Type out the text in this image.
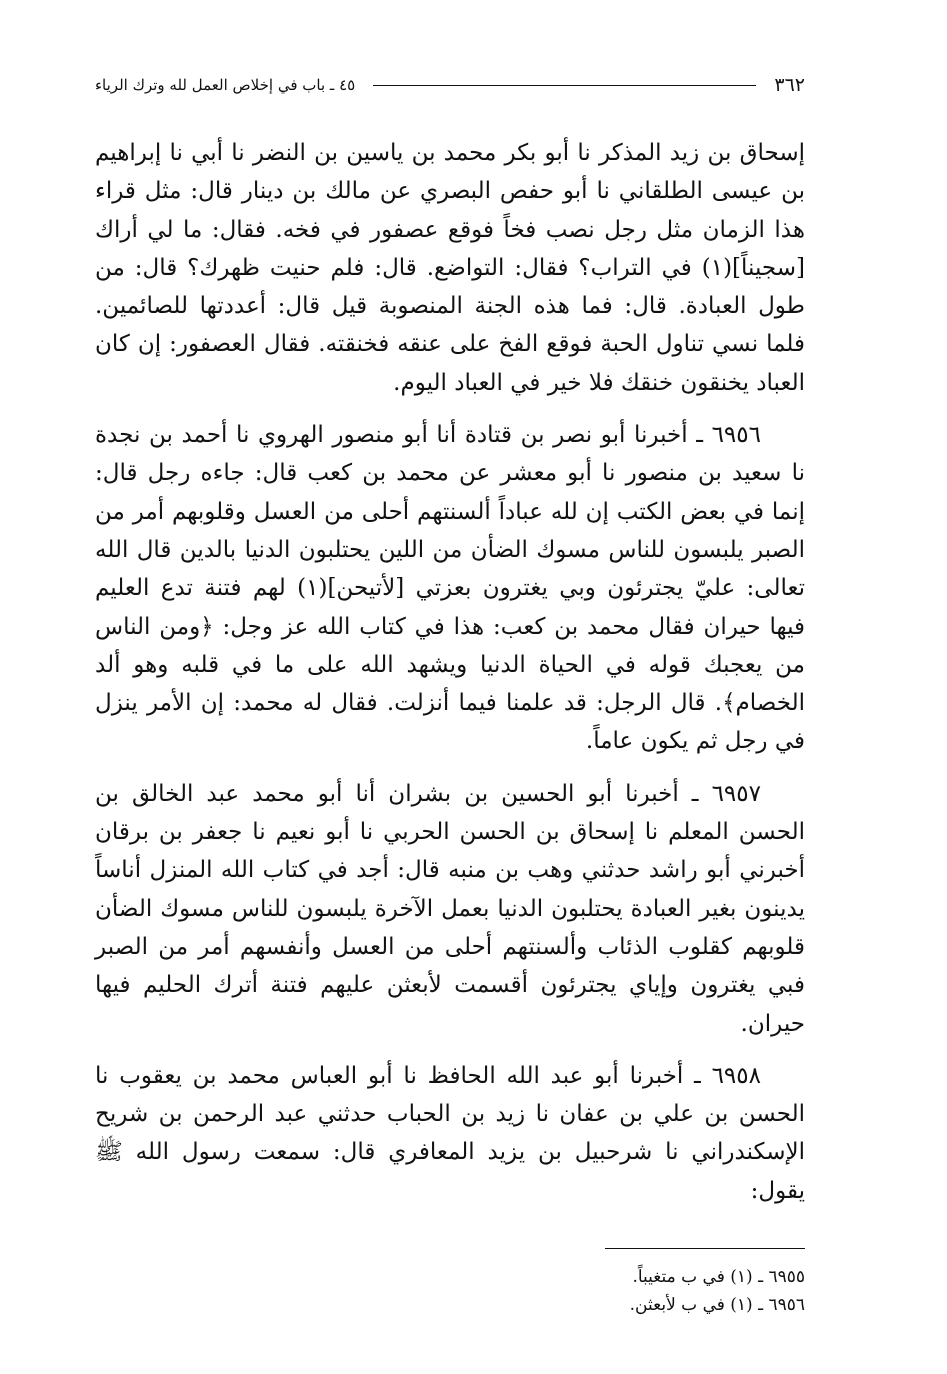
٣٦٢
٤٥ ـ باب في إخلاص العمل لله وترك الرياء

إسحاق بن زيد المذكر نا أبو بكر محمد بن ياسين بن النضر نا أبي نا إبراهيم بن عيسى الطلقاني نا أبو حفص البصري عن مالك بن دينار قال: مثل قراء هذا الزمان مثل رجل نصب فخاً فوقع عصفور في فخه. فقال: ما لي أراك [سجيناً](١) في التراب؟ فقال: التواضع. قال: فلم حنيت ظهرك؟ قال: من طول العبادة. قال: فما هذه الجنة المنصوبة قيل قال: أعددتها للصائمين. فلما نسي تناول الحبة فوقع الفخ على عنقه فخنقته. فقال العصفور: إن كان العباد يخنقون خنقك فلا خير في العباد اليوم.

٦٩٥٦ ـ أخبرنا أبو نصر بن قتادة أنا أبو منصور الهروي نا أحمد بن نجدة نا سعيد بن منصور نا أبو معشر عن محمد بن كعب قال: جاءه رجل قال: إنما في بعض الكتب إن لله عباداً ألسنتهم أحلى من العسل وقلوبهم أمر من الصبر يلبسون للناس مسوك الضأن من اللين يحتلبون الدنيا بالدين قال الله تعالى: عليّ يجترئون وبي يغترون بعزتي [لأتيحن](١) لهم فتنة تدع العليم فيها حيران فقال محمد بن كعب: هذا في كتاب الله عز وجل: ﴿ومن الناس من يعجبك قوله في الحياة الدنيا ويشهد الله على ما في قلبه وهو ألد الخصام﴾. قال الرجل: قد علمنا فيما أنزلت. فقال له محمد: إن الأمر ينزل في رجل ثم يكون عاماً.

٦٩٥٧ ـ أخبرنا أبو الحسين بن بشران أنا أبو محمد عبد الخالق بن الحسن المعلم نا إسحاق بن الحسن الحربي نا أبو نعيم نا جعفر بن برقان أخبرني أبو راشد حدثني وهب بن منبه قال: أجد في كتاب الله المنزل أناساً يدينون بغير العبادة يحتلبون الدنيا بعمل الآخرة يلبسون للناس مسوك الضأن قلوبهم كقلوب الذئاب وألسنتهم أحلى من العسل وأنفسهم أمر من الصبر فبي يغترون وإياي يجترئون أقسمت لأبعثن عليهم فتنة أترك الحليم فيها حيران.

٦٩٥٨ ـ أخبرنا أبو عبد الله الحافظ نا أبو العباس محمد بن يعقوب نا الحسن بن علي بن عفان نا زيد بن الحباب حدثني عبد الرحمن بن شريح الإسكندراني نا شرحبيل بن يزيد المعافري قال: سمعت رسول الله ﷺ يقول:

٦٩٥٥ ـ (١) في ب متغيباً.

٦٩٥٦ ـ (١) في ب لأبعثن.
